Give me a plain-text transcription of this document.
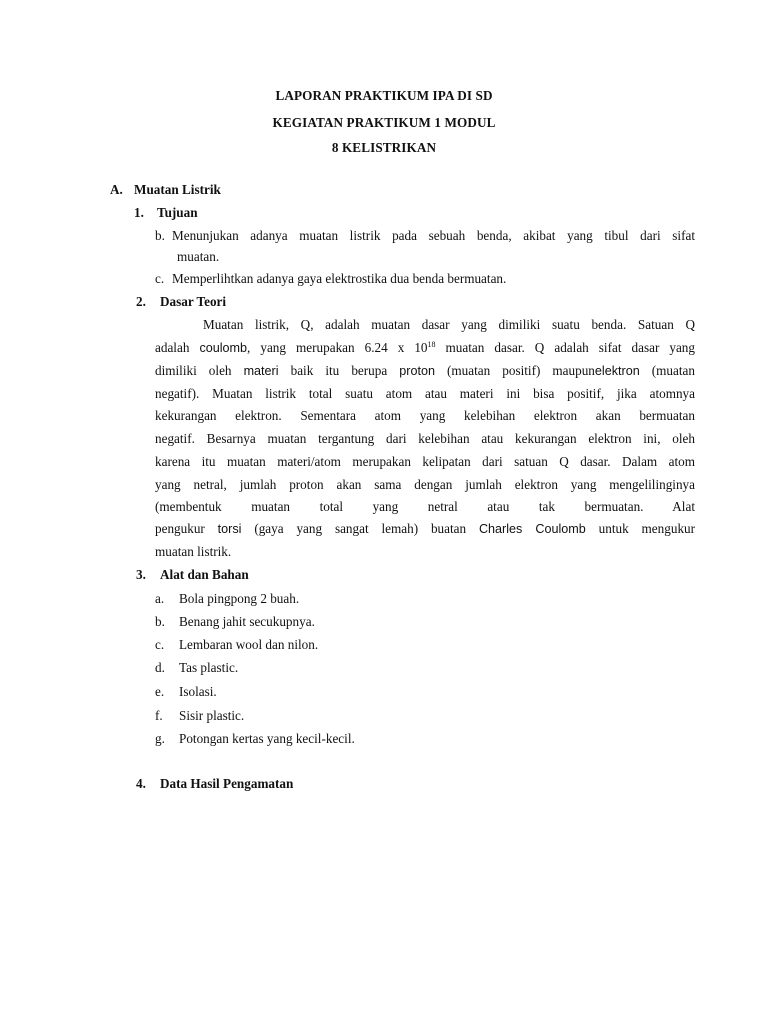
LAPORAN PRAKTIKUM IPA DI SD
KEGIATAN PRAKTIKUM 1 MODUL
8 KELISTRIKAN
A. Muatan Listrik
1. Tujuan
b. Menunjukan adanya muatan listrik pada sebuah benda, akibat yang tibul dari sifat
muatan.
c. Memperlihtkan adanya gaya elektrostika dua benda bermuatan.
2. Dasar Teori
Muatan listrik, Q, adalah muatan dasar yang dimiliki suatu benda. Satuan Q
adalah coulomb, yang merupakan 6.24 x $10^{18}$ muatan dasar. Q adalah sifat dasar yang
dimiliki oleh materi baik itu berupa proton (muatan positif) maupunelektron (muatan
negatif). Muatan listrik total suatu atom atau materi ini bisa positif, jika atomnya
kekurangan elektron. Sementara atom yang kelebihan elektron akan bermuatan
negatif. Besarnya muatan tergantung dari kelebihan atau kekurangan elektron ini, oleh
karena itu muatan materi/atom merupakan kelipatan dari satuan Q dasar. Dalam atom
yang netral, jumlah proton akan sama dengan jumlah elektron yang mengelilinginya
(membentuk muatan total yang netral atau tak bermuatan. Alat
pengukur torsi (gaya yang sangat lemah) buatan Charles Coulomb untuk mengukur
muatan listrik.
3. Alat dan Bahan
a. Bola pingpong 2 buah.
b. Benang jahit secukupnya.
c. Lembaran wool dan nilon.
d. Tas plastic.
e. Isolasi.
f. Sisir plastic.
g. Potongan kertas yang kecil-kecil.
4. Data Hasil Pengamatan
